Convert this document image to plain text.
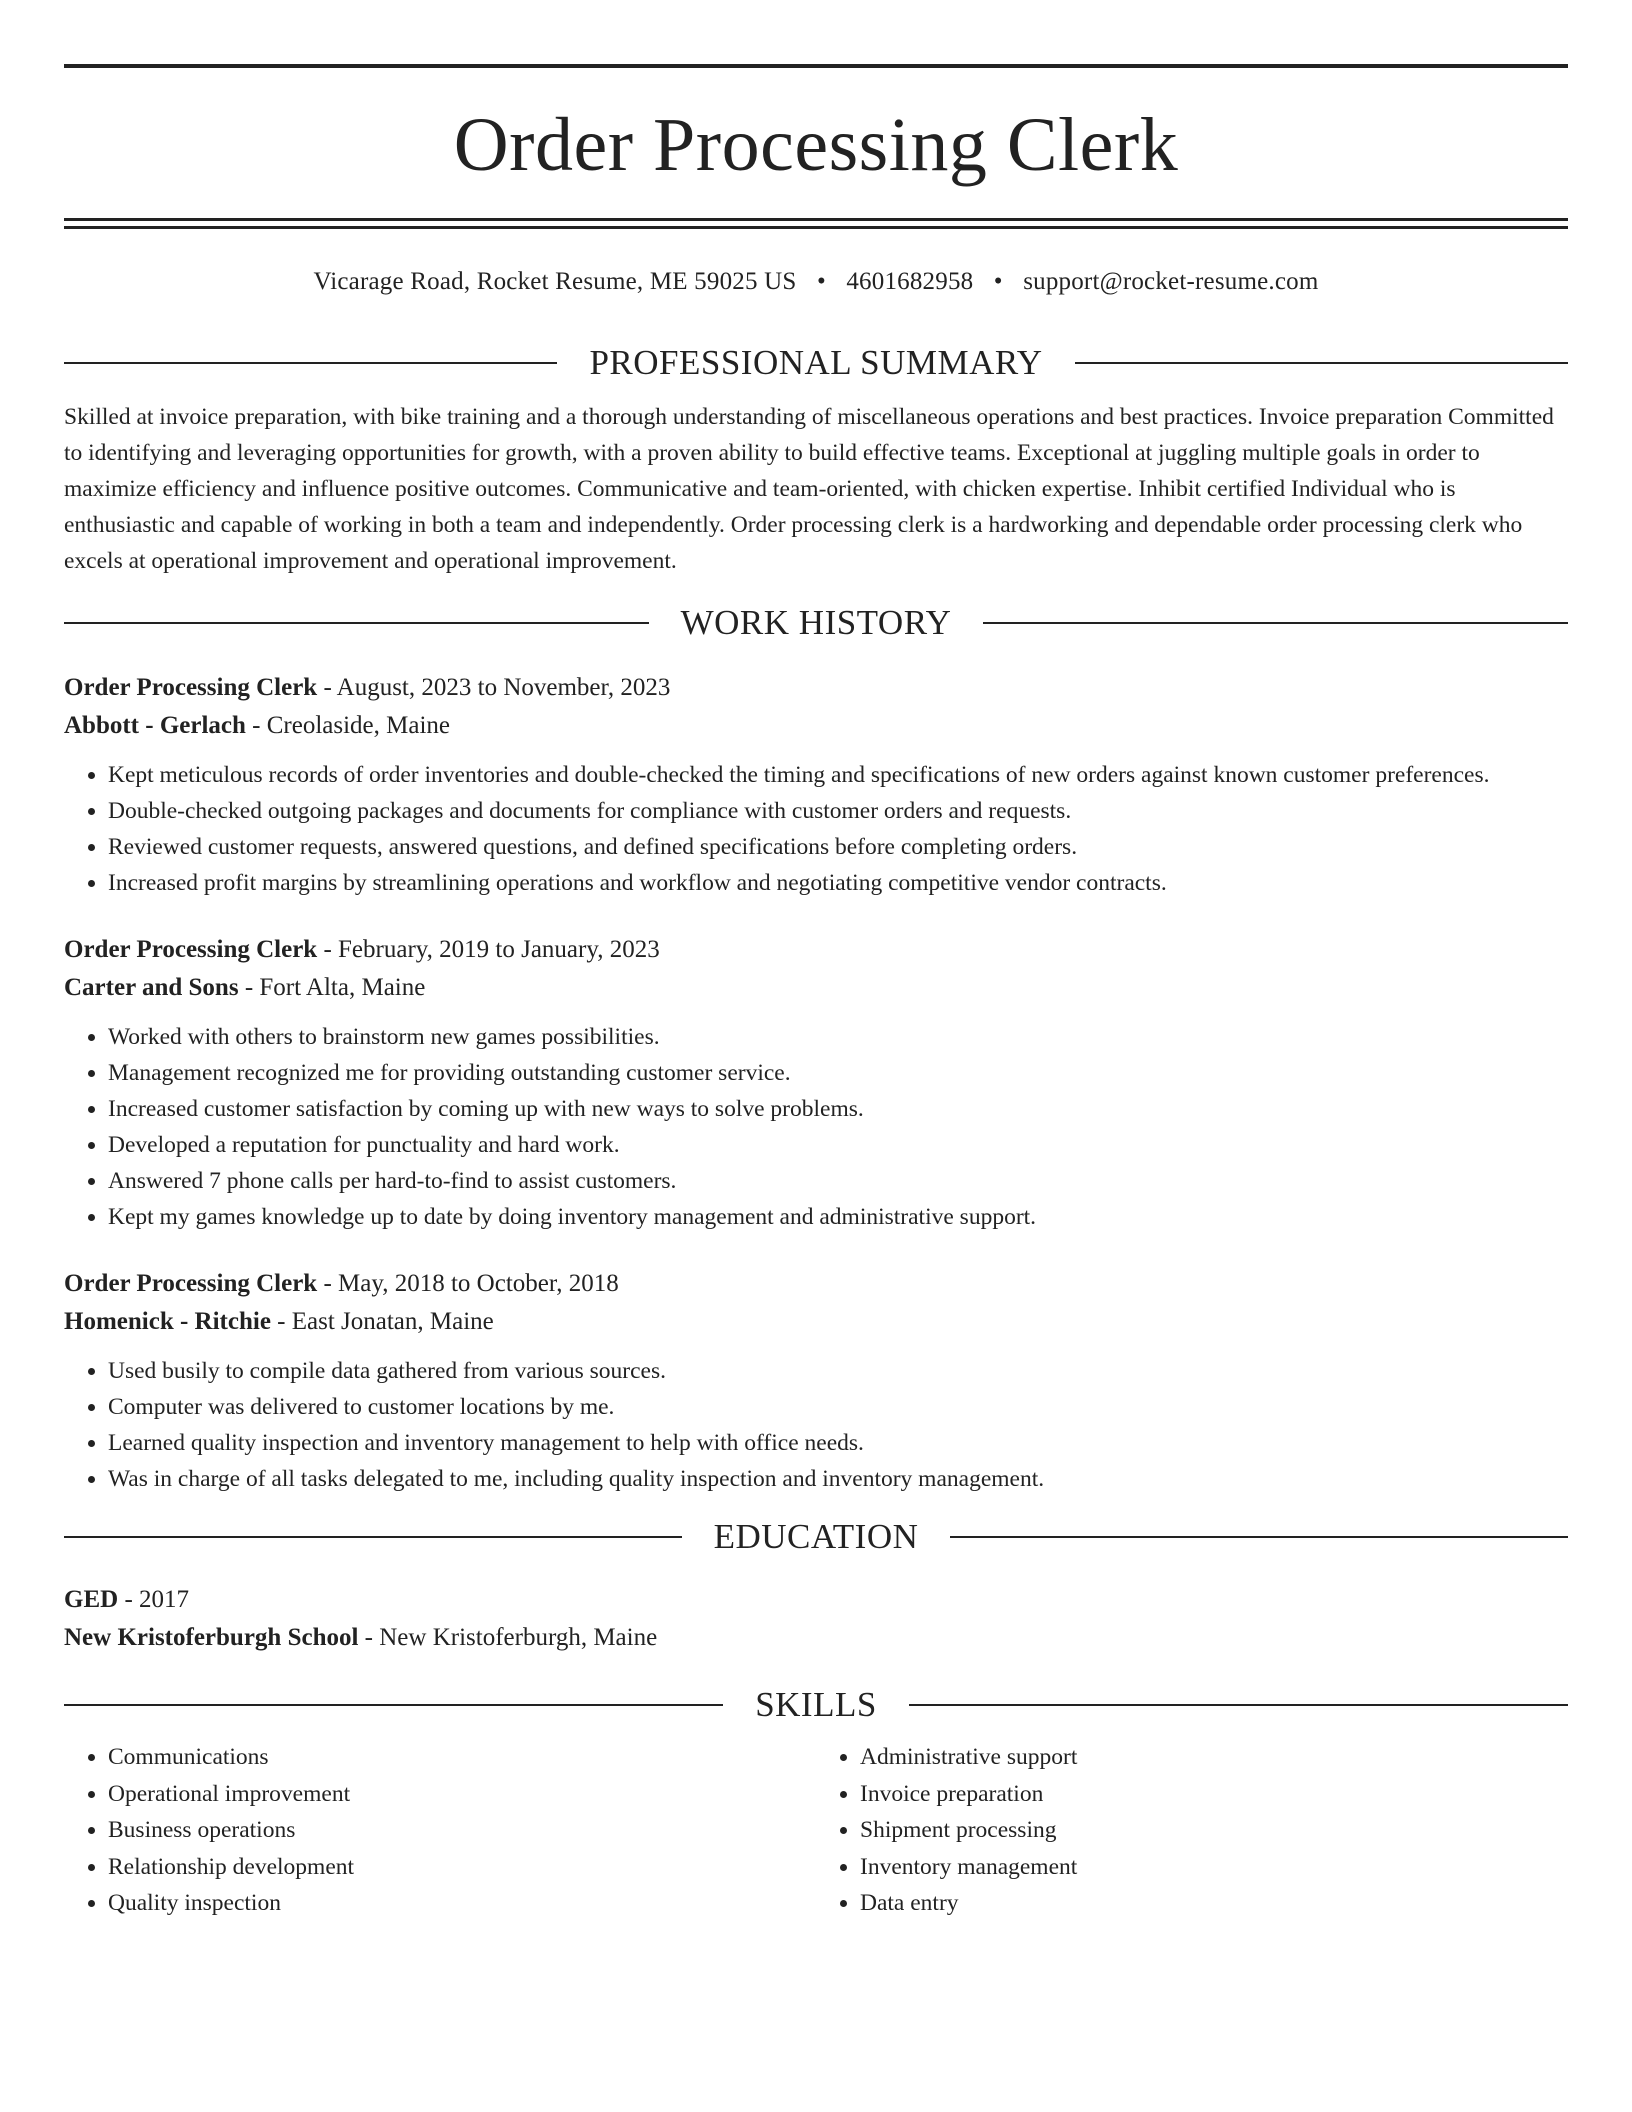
Order Processing Clerk
Vicarage Road, Rocket Resume, ME 59025 US • 4601682958 • support@rocket-resume.com
PROFESSIONAL SUMMARY

Skilled at invoice preparation, with bike training and a thorough understanding of miscellaneous operations and best practices. Invoice preparation Committed to identifying and leveraging opportunities for growth, with a proven ability to build effective teams. Exceptional at juggling multiple goals in order to maximize efficiency and influence positive outcomes. Communicative and team-oriented, with chicken expertise. Inhibit certified Individual who is enthusiastic and capable of working in both a team and independently. Order processing clerk is a hardworking and dependable order processing clerk who excels at operational improvement and operational improvement.

WORK HISTORY
Order Processing Clerk - August, 2023 to November, 2023
Abbott - Gerlach - Creolaside, Maine
• Kept meticulous records of order inventories and double-checked the timing and specifications of new orders against known customer preferences.
• Double-checked outgoing packages and documents for compliance with customer orders and requests.
• Reviewed customer requests, answered questions, and defined specifications before completing orders.
• Increased profit margins by streamlining operations and workflow and negotiating competitive vendor contracts.
Order Processing Clerk - February, 2019 to January, 2023
Carter and Sons - Fort Alta, Maine
• Worked with others to brainstorm new games possibilities.
• Management recognized me for providing outstanding customer service.
• Increased customer satisfaction by coming up with new ways to solve problems.
• Developed a reputation for punctuality and hard work.
• Answered 7 phone calls per hard-to-find to assist customers.
• Kept my games knowledge up to date by doing inventory management and administrative support.
Order Processing Clerk - May, 2018 to October, 2018
Homenick - Ritchie - East Jonatan, Maine
• Used busily to compile data gathered from various sources.
• Computer was delivered to customer locations by me.
• Learned quality inspection and inventory management to help with office needs.
• Was in charge of all tasks delegated to me, including quality inspection and inventory management.
EDUCATION
GED - 2017
New Kristoferburgh School - New Kristoferburgh, Maine
SKILLS
• Communications
• Operational improvement
• Business operations
• Relationship development
• Quality inspection
• Administrative support
• Invoice preparation
• Shipment processing
• Inventory management
• Data entry
